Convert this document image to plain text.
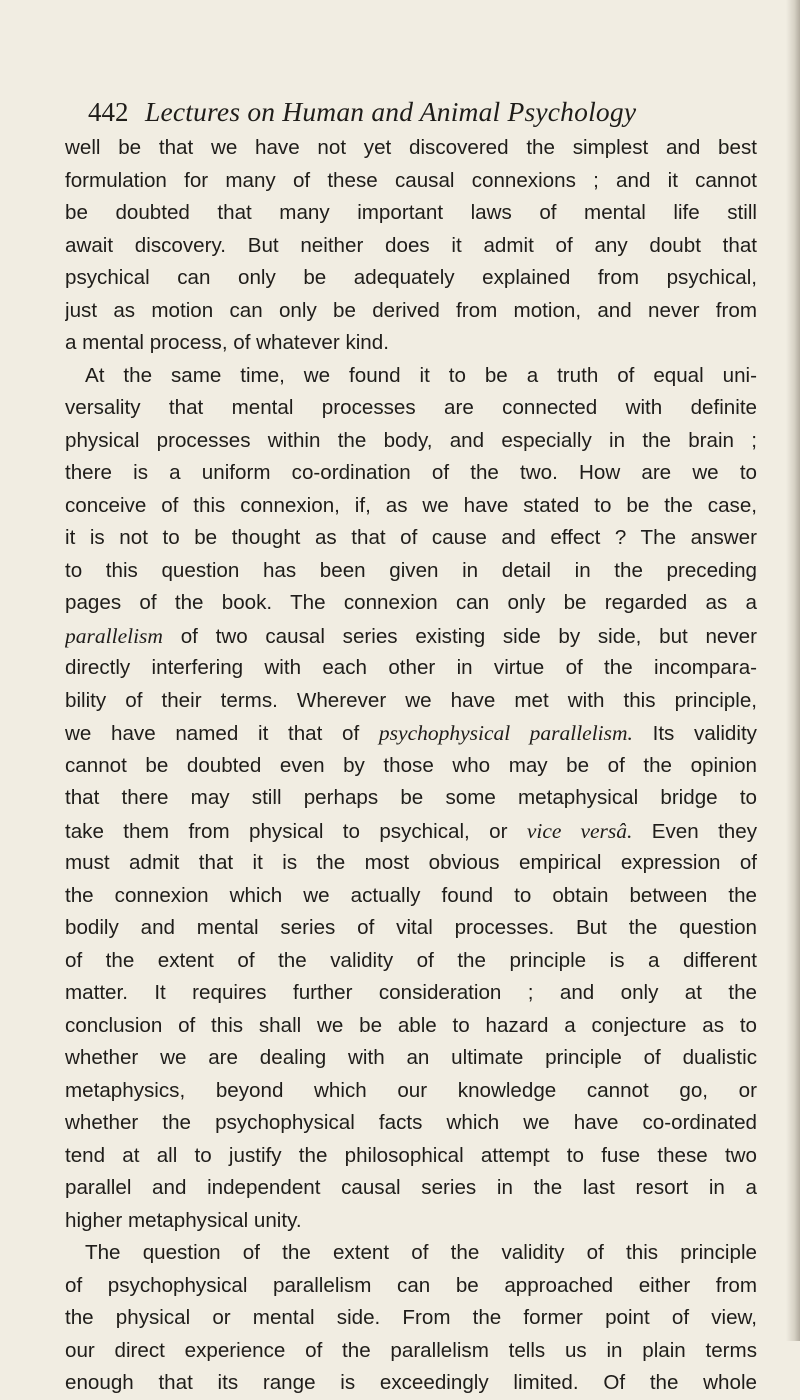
442 Lectures on Human and Animal Psychology
well be that we have not yet discovered the simplest and best
formulation for many of these causal connexions ; and it cannot
be doubted that many important laws of mental life still
await discovery. But neither does it admit of any doubt that
psychical can only be adequately explained from psychical,
just as motion can only be derived from motion, and never from
a mental process, of whatever kind.
At the same time, we found it to be a truth of equal uni-
versality that mental processes are connected with definite
physical processes within the body, and especially in the brain ;
there is a uniform co-ordination of the two. How are we to
conceive of this connexion, if, as we have stated to be the case,
it is not to be thought as that of cause and effect ? The answer
to this question has been given in detail in the preceding
pages of the book. The connexion can only be regarded as a
parallelism of two causal series existing side by side, but never
directly interfering with each other in virtue of the incompara-
bility of their terms. Wherever we have met with this principle,
we have named it that of psychophysical parallelism. Its validity
cannot be doubted even by those who may be of the opinion
that there may still perhaps be some metaphysical bridge to
take them from physical to psychical, or vice versâ. Even they
must admit that it is the most obvious empirical expression of
the connexion which we actually found to obtain between the
bodily and mental series of vital processes. But the question
of the extent of the validity of the principle is a different
matter. It requires further consideration ; and only at the
conclusion of this shall we be able to hazard a conjecture as to
whether we are dealing with an ultimate principle of dualistic
metaphysics, beyond which our knowledge cannot go, or
whether the psychophysical facts which we have co-ordinated
tend at all to justify the philosophical attempt to fuse these two
parallel and independent causal series in the last resort in a
higher metaphysical unity.
The question of the extent of the validity of this principle
of psychophysical parallelism can be approached either from
the physical or mental side. From the former point of view,
our direct experience of the parallelism tells us in plain terms
enough that its range is exceedingly limited. Of the whole
